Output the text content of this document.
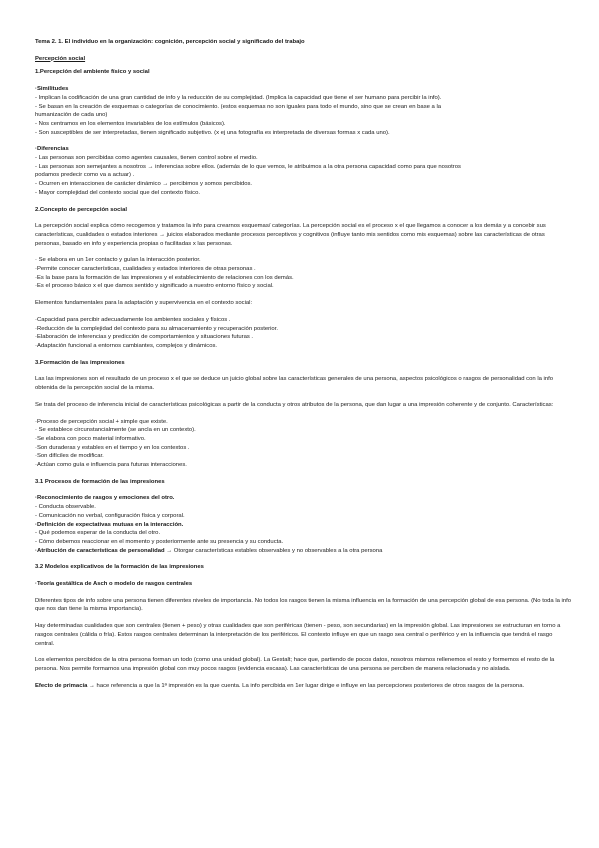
Tema 2. 1. El individuo en la organización: cognición, percepción social y significado del trabajo

Percepción social

1.Percepción del ambiente físico y social

·Similitudes

- Implican la codificación de una gran cantidad de info y la reducción de su complejidad. (Implica la capacidad que tiene el ser humano para percibir la info).

- Se basan en la creación de esquemas o categorías de conocimiento. (estos esquemas no son iguales para todo el mundo, sino que se crean en base a la

humanización de cada uno)

- Nos centramos en los elementos invariables de los estímulos (básicos).

- Son susceptibles de ser interpretadas, tienen significado subjetivo. (x ej una fotografía es interpretada de diversas formas x cada uno).

·Diferencias

- Las personas son percibidas como agentes causales, tienen control sobre el medio.

- Las personas son semejantes a nosotros → inferencias sobre ellos. (además de lo que vemos, le atribuimos a la otra persona capacidad como para que nosotros

podamos predecir como va a actuar) .

- Ocurren en interacciones de carácter dinámico → percibimos y somos percibidos.

- Mayor complejidad del contexto social que del contexto físico.

2.Concepto de percepción social

La percepción social explica cómo recogemos y tratamos la info para crearnos esquemas/ categorías. La percepción social es el proceso x el que llegamos a conocer a los demás y a concebir sus características, cualidades o estados interiores → juicios elaborados mediante procesos perceptivos y cognitivos (influye tanto mis sentidos como mis esquemas) sobre las características de otras personas, basado en info y experiencia propias o facilitadas x las personas.

· Se elabora en un 1er contacto y guían la interacción posterior.

·Permite conocer características, cualidades y estados interiores de otras personas .

·Es la base para la formación de las impresiones y el establecimiento de relaciones con los demás.

·Es el proceso básico x el que damos sentido y significado a nuestro entorno físico y social.

Elementos fundamentales para la adaptación y supervivencia en el contexto social:

·Capacidad para percibir adecuadamente los ambientes sociales y físicos .

·Reducción de la complejidad del contexto para su almacenamiento y recuperación posterior.

·Elaboración de inferencias y predicción de comportamientos y situaciones futuras .

·Adaptación funcional a entornos cambiantes, complejos y dinámicos.

3.Formación de las impresiones

Las las impresiones son el resultado de un proceso x el que se deduce un juicio global sobre las características generales de una persona, aspectos psicológicos o rasgos de personalidad con la info obtenida de la percepción social de la misma.

Se trata del proceso de inferencia inicial de características psicológicas a partir de la conducta y otros atributos de la persona, que dan lugar a una impresión coherente y de conjunto. Características:

·Proceso de percepción social + simple que existe.

· Se establece circunstancialmente (se ancla en un contexto).

·Se elabora con poco material informativo.

·Son duraderas y estables en el tiempo y en los contextos .

·Son difíciles de modificar.

·Actúan como guía e influencia para futuras interacciones.

3.1 Procesos de formación de las impresiones

·Reconocimiento de rasgos y emociones del otro.

- Conducta observable.

- Comunicación no verbal, configuración física y corporal.

·Definición de expectativas mutuas en la interacción.

- Qué podemos esperar de la conducta del otro.

- Cómo debemos reaccionar en el momento y posteriormente ante su presencia y su conducta.

·Atribución de características de personalidad → Otorgar características estables observables y no observables a la otra persona

3.2 Modelos explicativos de la formación de las impresiones

·Teoría gestáltica de Asch o modelo de rasgos centrales

Diferentes tipos de info sobre una persona tienen diferentes niveles de importancia. No todos los rasgos tienen la misma influencia en la formación de una percepción global de esa persona. (No toda la info que nos dan tiene la misma importancia).

Hay determinadas cualidades que son centrales (tienen + peso) y otras cualidades que son periféricas (tienen - peso, son secundarias) en la impresión global. Las impresiones se estructuran en torno a rasgos centrales (cálida o fría). Estos rasgos centrales determinan la interpretación de los periféricos. El contexto influye en que un rasgo sea central o periférico y en la influencia que tendrá el rasgo central.

Los elementos percibidos de la otra persona forman un todo (como una unidad global). La Gestalt; hace que, partiendo de pocos datos, nosotros mismos rellenemos el resto y formemos el resto de la persona. Nos permite formarnos una impresión global con muy pocos rasgos (evidencia escasa). Las características de una persona se perciben de manera relacionada y no aislada.

Efecto de primacía → hace referencia a que la 1ª impresión es la que cuenta. La info percibida en 1er lugar dirige e influye en las percepciones posteriores de otros rasgos de la persona.
